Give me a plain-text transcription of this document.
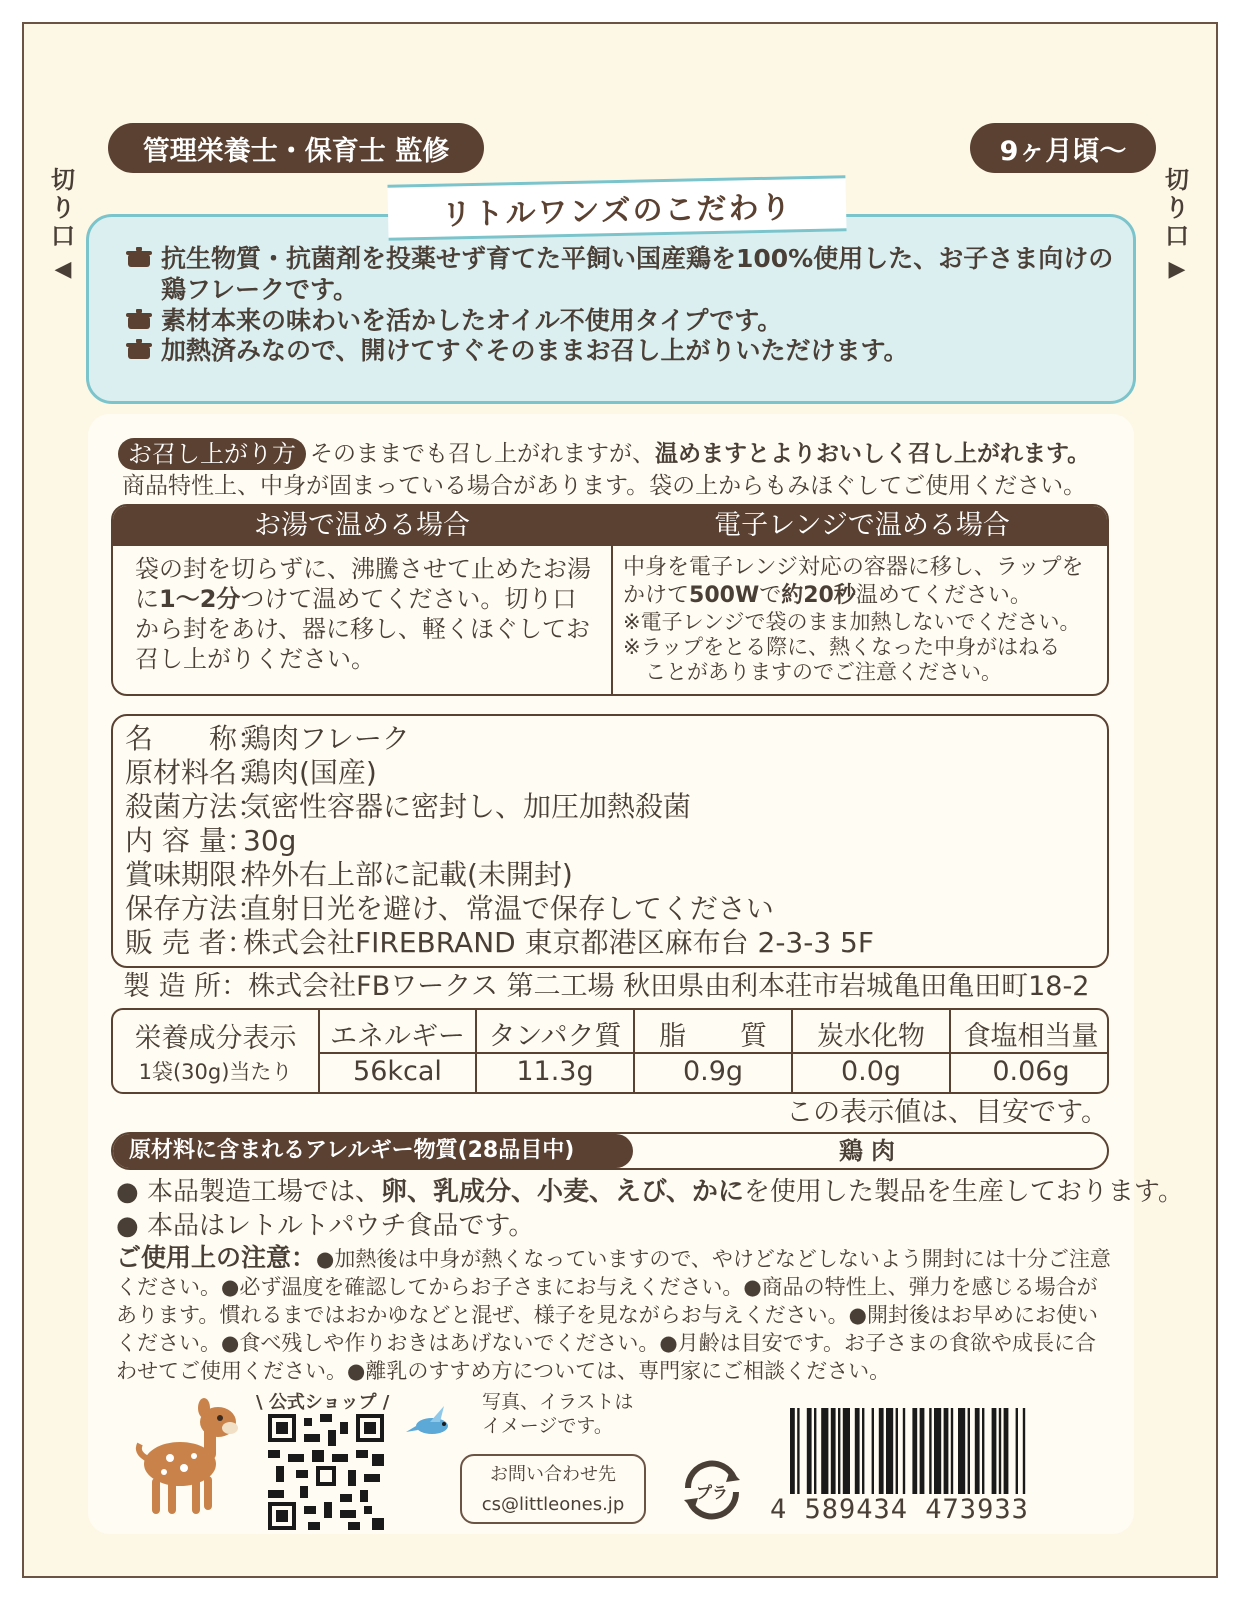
管理栄養士・保育士 監修	9ヶ月頃〜
切り口
◀
切り口
▶
抗生物質・抗菌剤を投薬せず育てた平飼い国産鶏を100%使用した、お子さま向けの鶏フレークです。
素材本来の味わいを活かしたオイル不使用タイプです。
加熱済みなので、開けてすぐそのままお召し上がりいただけます。
リトルワンズのこだわり
お召し上がり方 そのままでも召し上がれますが、温めますとよりおいしく召し上がれます。
商品特性上、中身が固まっている場合があります。袋の上からもみほぐしてご使用ください。
お湯で温める場合	電子レンジで温める場合
袋の封を切らずに、沸騰させて止めたお湯に1〜2分つけて温めてください。切り口から封をあけ、器に移し、軽くほぐしてお召し上がりください。
中身を電子レンジ対応の容器に移し、ラップをかけて500Wで約20秒温めてください。
※電子レンジで袋のまま加熱しないでください。
※ラップをとる際に、熱くなった中身がはねる
ことがありますのでご注意ください。
名　　称：鶏肉フレーク
原材料名：鶏肉(国産)
殺菌方法：気密性容器に密封し、加圧加熱殺菌
内 容 量：30g
賞味期限：枠外右上部に記載(未開封)
保存方法：直射日光を避け、常温で保存してください
販 売 者：株式会社FIREBRAND 東京都港区麻布台 2-3-3 5F
製 造 所：株式会社FBワークス 第二工場 秋田県由利本荘市岩城亀田亀田町18-2
栄養成分表示
1袋(30g)当たり
エネルギー タンパク質	脂　　質	炭水化物	食塩相当量
56kcal	11.3g	0.9g	0.0g	0.06g
この表示値は、目安です。
原材料に含まれるアレルギー物質(28品目中)	鶏肉
● 本品製造工場では、卵、乳成分、小麦、えび、かにを使用した製品を生産しております。
● 本品はレトルトパウチ食品です。
ご使用上の注意：●加熱後は中身が熱くなっていますので、やけどなどしないよう開封には十分ご注意ください。●必ず温度を確認してからお子さまにお与えください。●商品の特性上、弾力を感じる場合があります。慣れるまではおかゆなどと混ぜ、様子を見ながらお与えください。●開封後はお早めにお使いください。●食べ残しや作りおきはあげないでください。●月齢は目安です。お子さまの食欲や成長に合わせてご使用ください。●離乳のすすめ方については、専門家にご相談ください。
\ 公式ショップ /	写真、イラストは
イメージです。
お問い合わせ先
cs@littleones.jp
プラ
4 589434 473933
